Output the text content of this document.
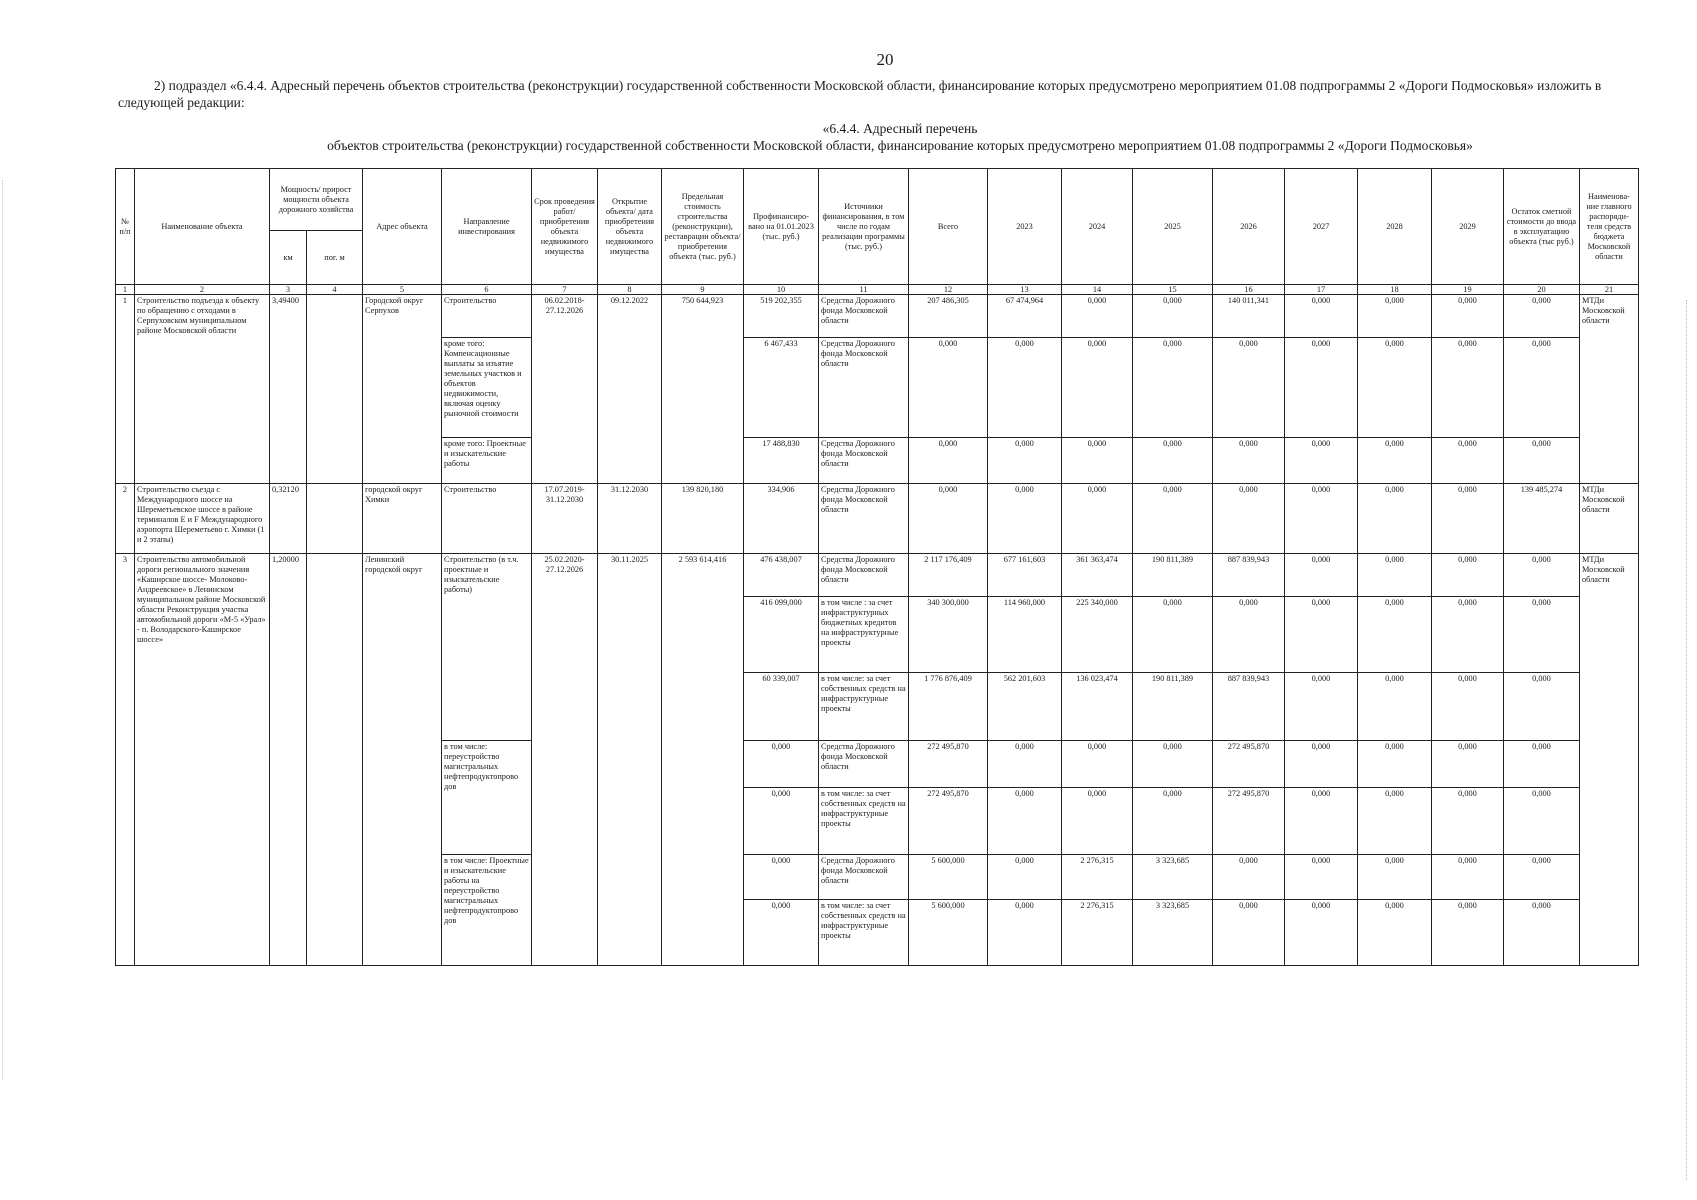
20
2) подраздел «6.4.4. Адресный перечень объектов строительства (реконструкции) государственной собственности Московской области, финансирование которых предусмотрено мероприятием 01.08 подпрограммы 2 «Дороги Подмосковья» изложить в следующей редакции:
«6.4.4. Адресный перечень
объектов строительства (реконструкции) государственной собственности Московской области, финансирование которых предусмотрено мероприятием 01.08 подпрограммы 2 «Дороги Подмосковья»
№ п/п	Наименование объекта	Мощность/ прирост мощности объекта дорожного хозяйства		Адрес объекта	Направление инвестирования	Срок проведения работ/ приобретения объекта недвижимого имущества	Открытие объекта/ дата приобретения объекта недвижимого имущества	Предельная стоимость строительства (реконструкции), реставрации объекта/ приобретения объекта (тыс. руб.)	Профинансиро-вано на 01.01.2023 (тыс. руб.)	Источники финансирования, в том числе по годам реализации программы (тыс. руб.)	Всего	2023	2024	2025	2026	2027	2028	2029	Остаток сметной стоимости до ввода в эксплуатацию объекта (тыс руб.)	Наименова-ние главного распоряди-теля средств бюджета Московской области
		км	пог. м																	
1	2	3	4	5	6	7	8	9	10	11	12	13	14	15	16	17	18	19	20	21
1	Строительство подъезда к объекту по обращению с отходами в Серпуховском муниципальном районе Московской области	3,49400		Городской округ Серпухов	Строительство	06.02.2018-27.12.2026	09.12.2022	750 644,923	519 202,355	Средства Дорожного фонда Московской области	207 486,305	67 474,964	0,000	0,000	140 011,341	0,000	0,000	0,000	0,000	МТДи Московской области
					кроме того: Компенсационные выплаты за изъятие земельных участков и объектов недвижимости, включая оценку рыночной стоимости				6 467,433	Средства Дорожного фонда Московской области	0,000	0,000	0,000	0,000	0,000	0,000	0,000	0,000	0,000	
					кроме того: Проектные и изыскательские работы				17 488,830	Средства Дорожного фонда Московской области	0,000	0,000	0,000	0,000	0,000	0,000	0,000	0,000	0,000	
2	Строительство съезда с Международного шоссе на Шереметьевское шоссе в районе терминалов E и F Международного аэропорта Шереметьево г. Химки (1 и 2 этапы)	0,32120		городской округ Химки	Строительство	17.07.2019-31.12.2030	31.12.2030	139 820,180	334,906	Средства Дорожного фонда Московской области	0,000	0,000	0,000	0,000	0,000	0,000	0,000	0,000	139 485,274	МТДи Московской области
3	Строительство автомобильной дороги регионального значения «Каширское шоссе- Молоково-Андреевское» в Ленинском муниципальном районе Московской области Реконструкция участка автомобильной дороги «М-5 «Урал» - п. Володарского-Каширское шоссе»	1,20000		Ленинский городской округ	Строительство (в т.ч. проектные и изыскательские работы)	25.02.2020-27.12.2026	30.11.2025	2 593 614,416	476 438,007	Средства Дорожного фонда Московской области	2 117 176,409	677 161,603	361 363,474	190 811,389	887 839,943	0,000	0,000	0,000	0,000	МТДи Московской области
									416 099,000	в том числе : за счет инфраструктурных бюджетных кредитов на инфраструктурные проекты	340 300,000	114 960,000	225 340,000	0,000	0,000	0,000	0,000	0,000	0,000	
									60 339,007	в том числе: за счет собственных средств на инфраструктурные проекты	1 776 876,409	562 201,603	136 023,474	190 811,389	887 839,943	0,000	0,000	0,000	0,000	
					в том числе: переустройство магистральных нефтепродуктопрово дов				0,000	Средства Дорожного фонда Московской области	272 495,870	0,000	0,000	0,000	272 495,870	0,000	0,000	0,000	0,000	
									0,000	в том числе: за счет собственных средств на инфраструктурные проекты	272 495,870	0,000	0,000	0,000	272 495,870	0,000	0,000	0,000	0,000	
					в том числе: Проектные и изыскательские работы на переустройство магистральных нефтепродуктопрово дов				0,000	Средства Дорожного фонда Московской области	5 600,000	0,000	2 276,315	3 323,685	0,000	0,000	0,000	0,000	0,000	
									0,000	в том числе: за счет собственных средств на инфраструктурные проекты	5 600,000	0,000	2 276,315	3 323,685	0,000	0,000	0,000	0,000	0,000	
